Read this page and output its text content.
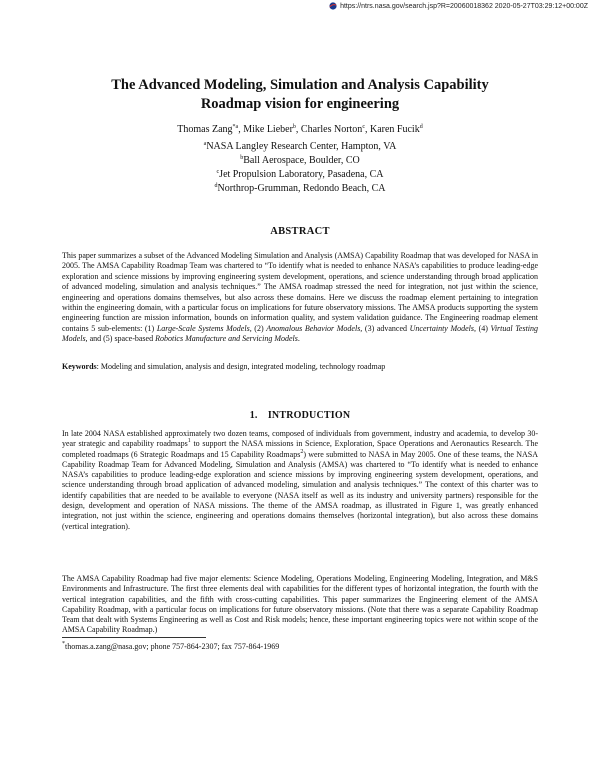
https://ntrs.nasa.gov/search.jsp?R=20060018362 2020-05-27T03:29:12+00:00Z
The Advanced Modeling, Simulation and Analysis Capability
Roadmap vision for engineering
Thomas Zang$^{*a}$, Mike Lieber$^b$, Charles Norton$^c$, Karen Fucik$^d$
$^a$NASA Langley Research Center, Hampton, VA
$^b$Ball Aerospace, Boulder, CO
$^c$Jet Propulsion Laboratory, Pasadena, CA
$^d$Northrop-Grumman, Redondo Beach, CA
ABSTRACT
This paper summarizes a subset of the Advanced Modeling Simulation and Analysis (AMSA) Capability Roadmap that was developed for NASA in 2005. The AMSA Capability Roadmap Team was chartered to “To identify what is needed to enhance NASA’s capabilities to produce leading-edge exploration and science missions by improving engineering system development, operations, and science understanding through broad application of advanced modeling, simulation and analysis techniques.” The AMSA roadmap stressed the need for integration, not just within the science, engineering and operations domains themselves, but also across these domains. Here we discuss the roadmap element pertaining to integration within the engineering domain, with a particular focus on implications for future observatory missions. The AMSA products supporting the system engineering function are mission information, bounds on information quality, and system validation guidance. The Engineering roadmap element contains 5 sub-elements: (1) Large-Scale Systems Models, (2) Anomalous Behavior Models, (3) advanced Uncertainty Models, (4) Virtual Testing Models, and (5) space-based Robotics Manufacture and Servicing Models.
Keywords: Modeling and simulation, analysis and design, integrated modeling, technology roadmap
1. INTRODUCTION
In late 2004 NASA established approximately two dozen teams, composed of individuals from government, industry and academia, to develop 30-year strategic and capability roadmaps$^1$ to support the NASA missions in Science, Exploration, Space Operations and Aeronautics Research. The completed roadmaps (6 Strategic Roadmaps and 15 Capability Roadmaps$^2$) were submitted to NASA in May 2005. One of these teams, the NASA Capability Roadmap Team for Advanced Modeling, Simulation and Analysis (AMSA) was chartered to “To identify what is needed to enhance NASA’s capabilities to produce leading-edge exploration and science missions by improving engineering system development, operations, and science understanding through broad application of advanced modeling, simulation and analysis techniques.” The context of this charter was to identify capabilities that are needed to be available to everyone (NASA itself as well as its industry and university partners) responsible for the design, development and operation of NASA missions. The theme of the AMSA roadmap, as illustrated in Figure 1, was greatly enhanced integration, not just within the science, engineering and operations domains themselves (horizontal integration), but also across these domains (vertical integration).
The AMSA Capability Roadmap had five major elements: Science Modeling, Operations Modeling, Engineering Modeling, Integration, and M&S Environments and Infrastructure. The first three elements deal with capabilities for the different types of horizontal integration, the fourth with the vertical integration capabilities, and the fifth with cross-cutting capabilities. This paper summarizes the Engineering element of the AMSA Capability Roadmap, with a particular focus on implications for future observatory missions. (Note that there was a separate Capability Roadmap Team that dealt with Systems Engineering as well as Cost and Risk models; hence, these important engineering topics were not within scope of the AMSA Capability Roadmap.)
*thomas.a.zang@nasa.gov; phone 757-864-2307; fax 757-864-1969
